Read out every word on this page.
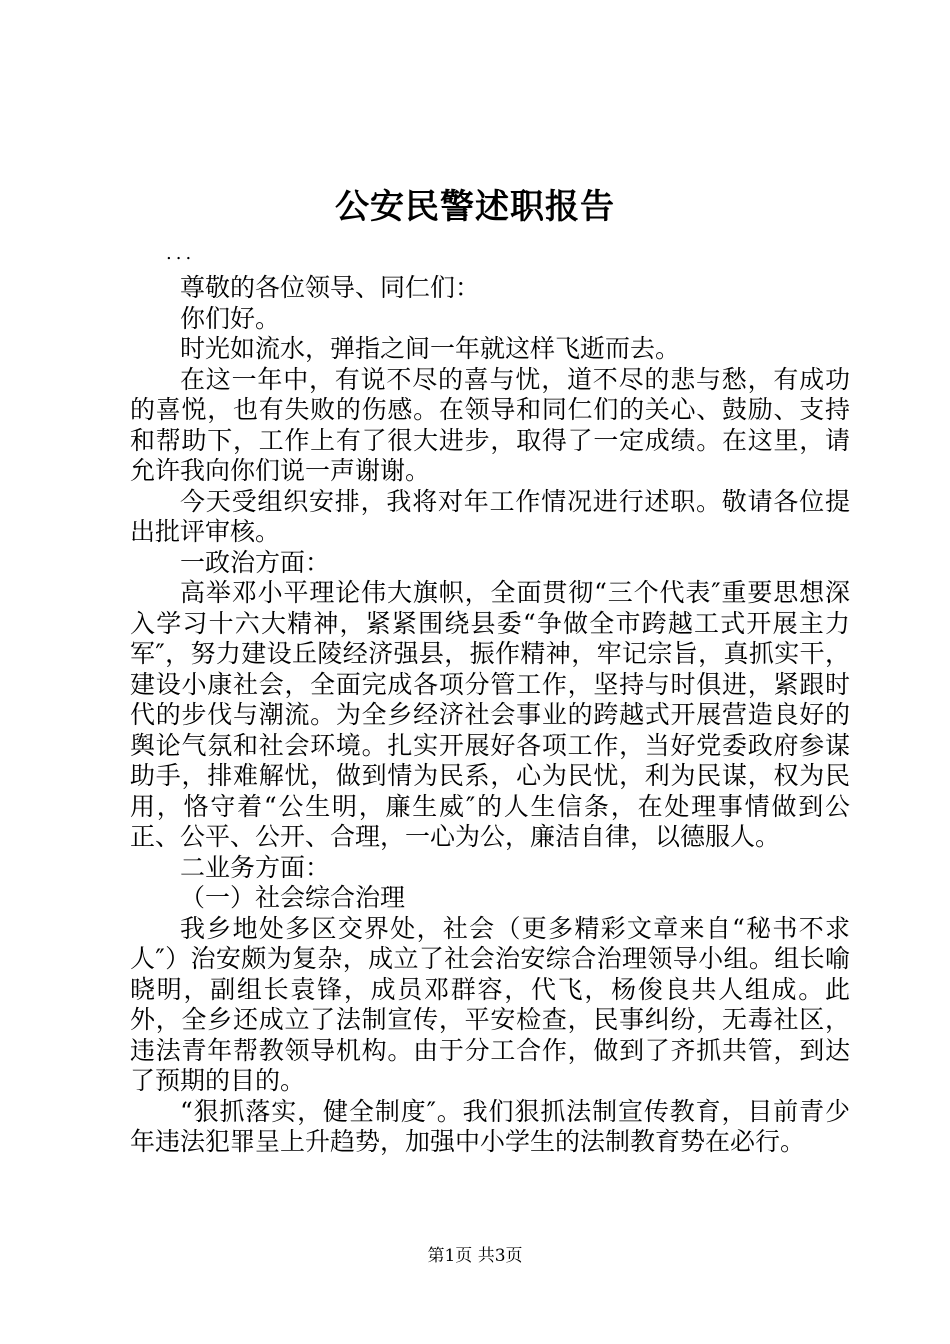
公安民警述职报告

...

尊敬的各位领导、同仁们：

你们好。

时光如流水，弹指之间一年就这样飞逝而去。

在这一年中，有说不尽的喜与忧，道不尽的悲与愁，有成功的喜悦，也有失败的伤感。在领导和同仁们的关心、鼓励、支持和帮助下，工作上有了很大进步，取得了一定成绩。在这里，请允许我向你们说一声谢谢。

今天受组织安排，我将对年工作情况进行述职。敬请各位提出批评审核。

一政治方面：

高举邓小平理论伟大旗帜，全面贯彻“三个代表″重要思想深入学习十六大精神，紧紧围绕县委“争做全市跨越工式开展主力军″，努力建设丘陵经济强县，振作精神，牢记宗旨，真抓实干，建设小康社会，全面完成各项分管工作，坚持与时俱进，紧跟时代的步伐与潮流。为全乡经济社会事业的跨越式开展营造良好的舆论气氛和社会环境。扎实开展好各项工作，当好党委政府参谋助手，排难解忧，做到情为民系，心为民忧，利为民谋，权为民用，恪守着“公生明，廉生威″的人生信条，在处理事情做到公正、公平、公开、合理，一心为公，廉洁自律，以德服人。

二业务方面：

（一）社会综合治理

我乡地处多区交界处，社会（更多精彩文章来自“秘书不求人″）治安颇为复杂，成立了社会治安综合治理领导小组。组长喻晓明，副组长袁锋，成员邓群容，代飞，杨俊良共人组成。此外，全乡还成立了法制宣传，平安检查，民事纠纷，无毒社区，违法青年帮教领导机构。由于分工合作，做到了齐抓共管，到达了预期的目的。

“狠抓落实，健全制度″。我们狠抓法制宣传教育，目前青少年违法犯罪呈上升趋势，加强中小学生的法制教育势在必行。

第1页 共3页
